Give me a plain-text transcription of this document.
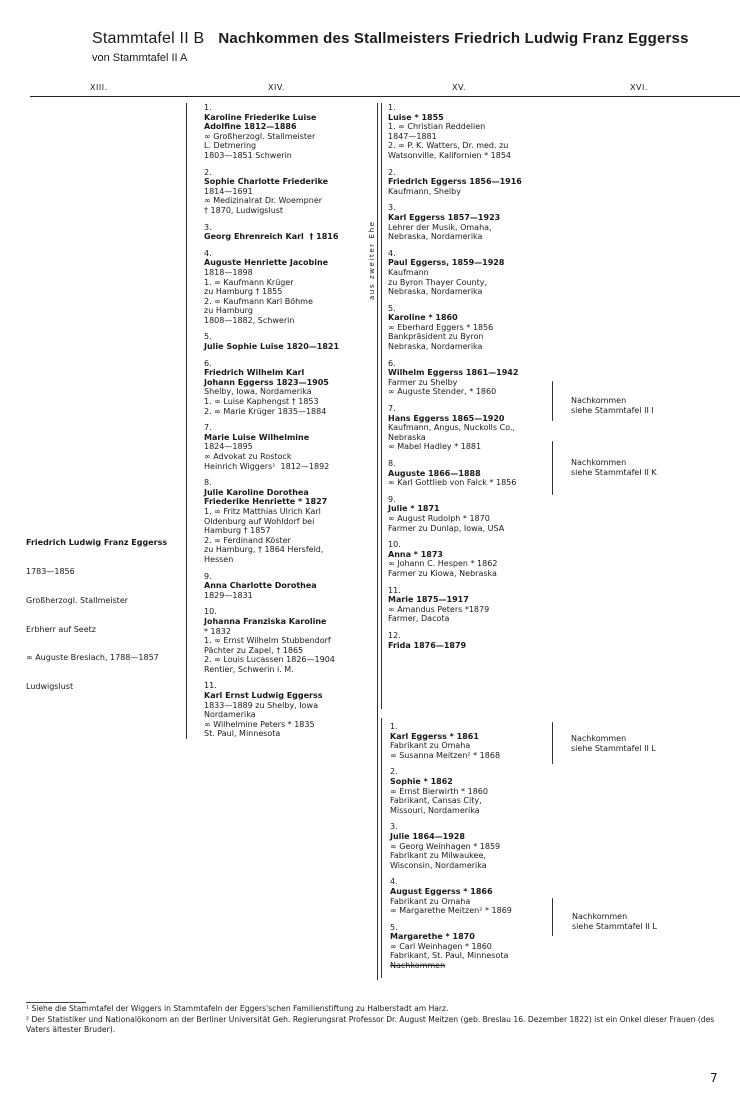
Stammtafel II B Nachkommen des Stallmeisters Friedrich Ludwig Franz Eggerss
von Stammtafel II A
XIII.	XIV.	XV.	XVI.

Friedrich Ludwig Franz Eggerss

1783—1856

Großherzogl. Stallmeister

Erbherr auf Seetz

∞ Auguste Breslach, 1788—1857

Ludwigslust

aus zweiter Ehe
1.
Karoline Friederike Luise
Adolfine 1812—1886
∞ Großherzogl. Stallmeister
L. Detmering
1803—1851 Schwerin
2.
Sophie Charlotte Friederike
1814—1691
∞ Medizinalrat Dr. Woempner
† 1870, Ludwigslust
3.
Georg Ehrenreich Karl  † 1816
4.
Auguste Henriette Jacobine
1818—1898
1. ∞ Kaufmann Krüger
zu Hamburg † 1855
2. ∞ Kaufmann Karl Böhme
zu Hamburg
1808—1882, Schwerin
5.
Julie Sophie Luise 1820—1821
6.
Friedrich Wilhelm Karl
Johann Eggerss 1823—1905
Shelby, Iowa, Nordamerika
1. ∞ Luise Kaphengst † 1853
2. ∞ Marie Krüger 1835—1884
7.
Marie Luise Wilhelmine
1824—1895
∞ Advokat zu Rostock
Heinrich Wiggers¹  1812—1892
8.
Julie Karoline Dorothea
Friederike Henriette * 1827
1. ∞ Fritz Matthias Ulrich Karl
Oldenburg auf Wohldorf bei
Hamburg † 1857
2. ∞ Ferdinand Köster
zu Hamburg, † 1864 Hersfeld,
Hessen
9.
Anna Charlotte Dorothea
1829—1831
10.
Johanna Franziska Karoline
* 1832
1. ∞ Ernst Wilhelm Stubbendorf
Pächter zu Zapel, † 1865
2. ∞ Louis Lucassen 1826—1904
Rentier, Schwerin i. M.
11.
Karl Ernst Ludwig Eggerss
1833—1889 zu Shelby, Iowa
Nordamerika
∞ Wilhelmine Peters * 1835
St. Paul, Minnesota
1.
Luise * 1855
1. ∞ Christian Reddelien
1847—1881
2. ∞ P. K. Watters, Dr. med. zu
Watsonville, Kalifornien * 1854
2.
Friedrich Eggerss 1856—1916
Kaufmann, Shelby
3.
Karl Eggerss 1857—1923
Lehrer der Musik, Omaha,
Nebraska, Nordamerika
4.
Paul Eggerss, 1859—1928
Kaufmann
zu Byron Thayer County,
Nebraska, Nordamerika
5.
Karoline * 1860
∞ Eberhard Eggers * 1856
Bankpräsident zu Byron
Nebraska, Nordamerika
6.
Wilhelm Eggerss 1861—1942
Farmer zu Shelby
∞ Auguste Stender, * 1860
7.
Hans Eggerss 1865—1920
Kaufmann, Angus, Nuckolls Co.,
Nebraska
∞ Mabel Hadley * 1881
8.
Auguste 1866—1888
∞ Karl Gottlieb von Falck * 1856
9.
Julie * 1871
∞ August Rudolph * 1870
Farmer zu Dunlap, Iowa, USA
10.
Anna * 1873
∞ Johann C. Hespen * 1862
Farmer zu Kiowa, Nebraska
11.
Marie 1875—1917
∞ Amandus Peters *1879
Farmer, Dacota
12.
Frida 1876—1879
1.
Karl Eggerss * 1861
Fabrikant zu Omaha
∞ Susanna Meitzen² * 1868
2.
Sophie * 1862
∞ Ernst Bierwirth * 1860
Fabrikant, Cansas City,
Missouri, Nordamerika
3.
Julie 1864—1928
∞ Georg Weinhagen * 1859
Fabrikant zu Milwaukee,
Wisconsin, Nordamerika
4.
August Eggerss * 1866
Fabrikant zu Omaha
∞ Margarethe Meitzen² * 1869
5.
Margarethe * 1870
∞ Carl Weinhagen * 1860
Fabrikant, St. Paul, Minnesota
Nachkommen
Nachkommen
siehe Stammtafel II I
Nachkommen
siehe Stammtafel II K
Nachkommen
siehe Stammtafel II L
Nachkommen
siehe Stammtafel II L
¹ Siehe die Stammtafel der Wiggers in Stammtafeln der Eggers'schen Familienstiftung zu Halberstadt am Harz.
² Der Statistiker und Nationalökonom an der Berliner Universität Geh. Regierungsrat Professor Dr. August Meitzen (geb. Breslau 16. Dezember 1822) ist ein Onkel dieser Frauen (des Vaters ältester Bruder).
7
